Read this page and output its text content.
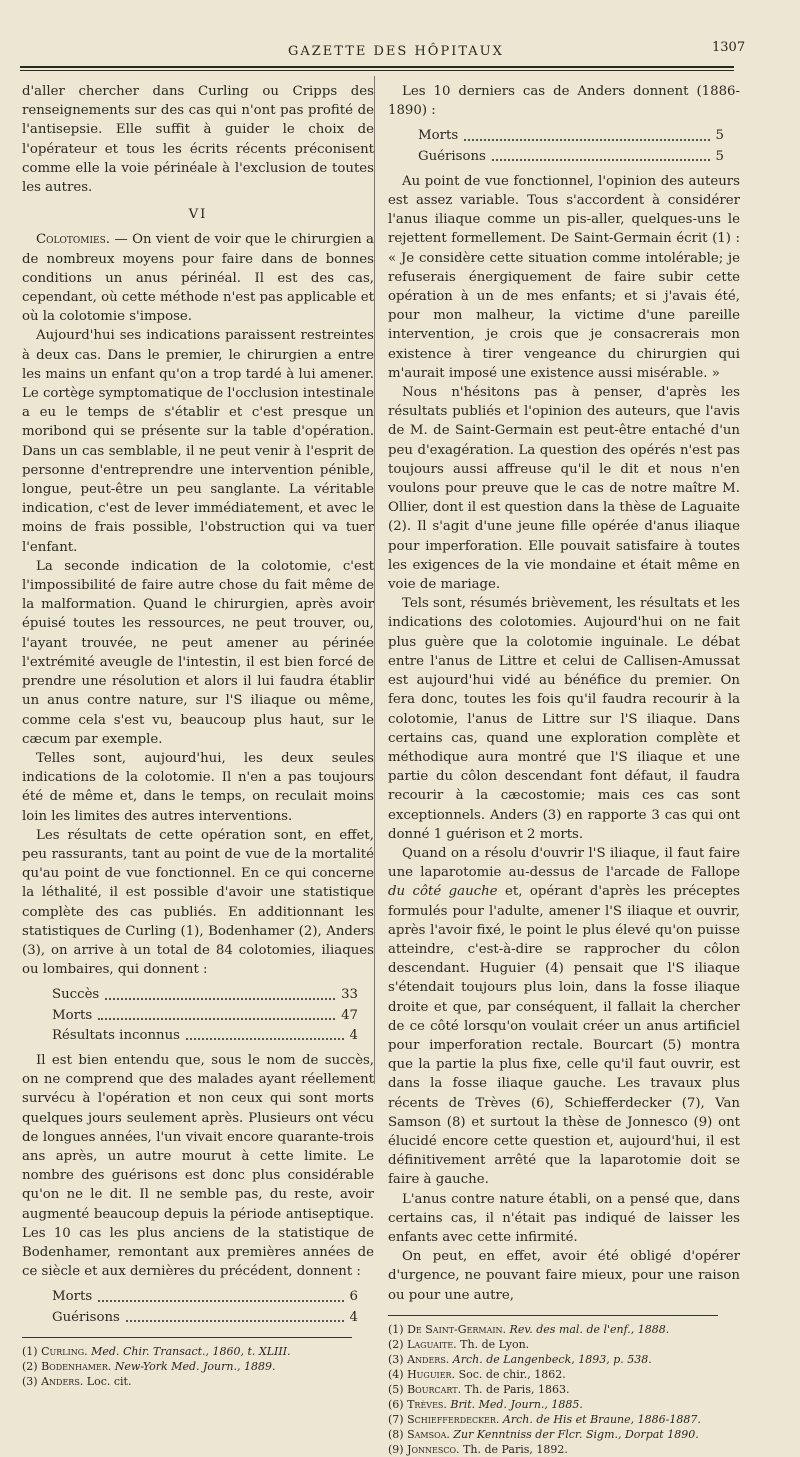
GAZETTE DES HÔPITAUX	1307

d'aller chercher dans Curling ou Cripps des renseignements sur des cas qui n'ont pas profité de l'antisepsie. Elle suffit à guider le choix de l'opérateur et tous les écrits récents préconisent comme elle la voie périnéale à l'exclusion de toutes les autres.

VI

Colotomies. — On vient de voir que le chirurgien a de nombreux moyens pour faire dans de bonnes conditions un anus périnéal. Il est des cas, cependant, où cette méthode n'est pas applicable et où la colotomie s'impose.

Aujourd'hui ses indications paraissent restreintes à deux cas. Dans le premier, le chirurgien a entre les mains un enfant qu'on a trop tardé à lui amener. Le cortège symptomatique de l'occlusion intestinale a eu le temps de s'établir et c'est presque un moribond qui se présente sur la table d'opération. Dans un cas semblable, il ne peut venir à l'esprit de personne d'entreprendre une intervention pénible, longue, peut-être un peu sanglante. La véritable indication, c'est de lever immédiatement, et avec le moins de frais possible, l'obstruction qui va tuer l'enfant.

La seconde indication de la colotomie, c'est l'impossibilité de faire autre chose du fait même de la malformation. Quand le chirurgien, après avoir épuisé toutes les ressources, ne peut trouver, ou, l'ayant trouvée, ne peut amener au périnée l'extrémité aveugle de l'intestin, il est bien forcé de prendre une résolution et alors il lui faudra établir un anus contre nature, sur l'S iliaque ou même, comme cela s'est vu, beaucoup plus haut, sur le cæcum par exemple.

Telles sont, aujourd'hui, les deux seules indications de la colotomie. Il n'en a pas toujours été de même et, dans le temps, on reculait moins loin les limites des autres interventions.

Les résultats de cette opération sont, en effet, peu rassurants, tant au point de vue de la mortalité qu'au point de vue fonctionnel. En ce qui concerne la léthalité, il est possible d'avoir une statistique complète des cas publiés. En additionnant les statistiques de Curling (1), Bodenhamer (2), Anders (3), on arrive à un total de 84 colotomies, iliaques ou lombaires, qui donnent :

Succès	33
Morts	47
Résultats inconnus	4

Il est bien entendu que, sous le nom de succès, on ne comprend que des malades ayant réellement survécu à l'opération et non ceux qui sont morts quelques jours seulement après. Plusieurs ont vécu de longues années, l'un vivait encore quarante-trois ans après, un autre mourut à cette limite. Le nombre des guérisons est donc plus considérable qu'on ne le dit. Il ne semble pas, du reste, avoir augmenté beaucoup depuis la période antiseptique. Les 10 cas les plus anciens de la statistique de Bodenhamer, remontant aux premières années de ce siècle et aux dernières du précédent, donnent :

Morts	6
Guérisons	4

(1) Curling. Med. Chir. Transact., 1860, t. XLIII.

(2) Bodenhamer. New-York Med. Journ., 1889.

(3) Anders. Loc. cit.

Les 10 derniers cas de Anders donnent (1886-1890) :

Morts	5
Guérisons	5

Au point de vue fonctionnel, l'opinion des auteurs est assez variable. Tous s'accordent à considérer l'anus iliaque comme un pis-aller, quelques-uns le rejettent formellement. De Saint-Germain écrit (1) : « Je considère cette situation comme intolérable; je refuserais énergiquement de faire subir cette opération à un de mes enfants; et si j'avais été, pour mon malheur, la victime d'une pareille intervention, je crois que je consacrerais mon existence à tirer vengeance du chirurgien qui m'aurait imposé une existence aussi misérable. »

Nous n'hésitons pas à penser, d'après les résultats publiés et l'opinion des auteurs, que l'avis de M. de Saint-Germain est peut-être entaché d'un peu d'exagération. La question des opérés n'est pas toujours aussi affreuse qu'il le dit et nous n'en voulons pour preuve que le cas de notre maître M. Ollier, dont il est question dans la thèse de Laguaite (2). Il s'agit d'une jeune fille opérée d'anus iliaque pour imperforation. Elle pouvait satisfaire à toutes les exigences de la vie mondaine et était même en voie de mariage.

Tels sont, résumés brièvement, les résultats et les indications des colotomies. Aujourd'hui on ne fait plus guère que la colotomie inguinale. Le débat entre l'anus de Littre et celui de Callisen-Amussat est aujourd'hui vidé au bénéfice du premier. On fera donc, toutes les fois qu'il faudra recourir à la colotomie, l'anus de Littre sur l'S iliaque. Dans certains cas, quand une exploration complète et méthodique aura montré que l'S iliaque et une partie du côlon descendant font défaut, il faudra recourir à la cæcostomie; mais ces cas sont exceptionnels. Anders (3) en rapporte 3 cas qui ont donné 1 guérison et 2 morts.

Quand on a résolu d'ouvrir l'S iliaque, il faut faire une laparotomie au-dessus de l'arcade de Fallope du côté gauche et, opérant d'après les préceptes formulés pour l'adulte, amener l'S iliaque et ouvrir, après l'avoir fixé, le point le plus élevé qu'on puisse atteindre, c'est-à-dire se rapprocher du côlon descendant. Huguier (4) pensait que l'S iliaque s'étendait toujours plus loin, dans la fosse iliaque droite et que, par conséquent, il fallait la chercher de ce côté lorsqu'on voulait créer un anus artificiel pour imperforation rectale. Bourcart (5) montra que la partie la plus fixe, celle qu'il faut ouvrir, est dans la fosse iliaque gauche. Les travaux plus récents de Trèves (6), Schiefferdecker (7), Van Samson (8) et surtout la thèse de Jonnesco (9) ont élucidé encore cette question et, aujourd'hui, il est définitivement arrêté que la laparotomie doit se faire à gauche.

L'anus contre nature établi, on a pensé que, dans certains cas, il n'était pas indiqué de laisser les enfants avec cette infirmité.

On peut, en effet, avoir été obligé d'opérer d'urgence, ne pouvant faire mieux, pour une raison ou pour une autre,

(1) De Saint-Germain. Rev. des mal. de l'enf., 1888.

(2) Laguaite. Th. de Lyon.

(3) Anders. Arch. de Langenbeck, 1893, p. 538.

(4) Huguier. Soc. de chir., 1862.

(5) Bourcart. Th. de Paris, 1863.

(6) Trèves. Brit. Med. Journ., 1885.

(7) Schiefferdecker. Arch. de His et Braune, 1886-1887.

(8) Samsoa. Zur Kenntniss der Flcr. Sigm., Dorpat 1890.

(9) Jonnesco. Th. de Paris, 1892.
